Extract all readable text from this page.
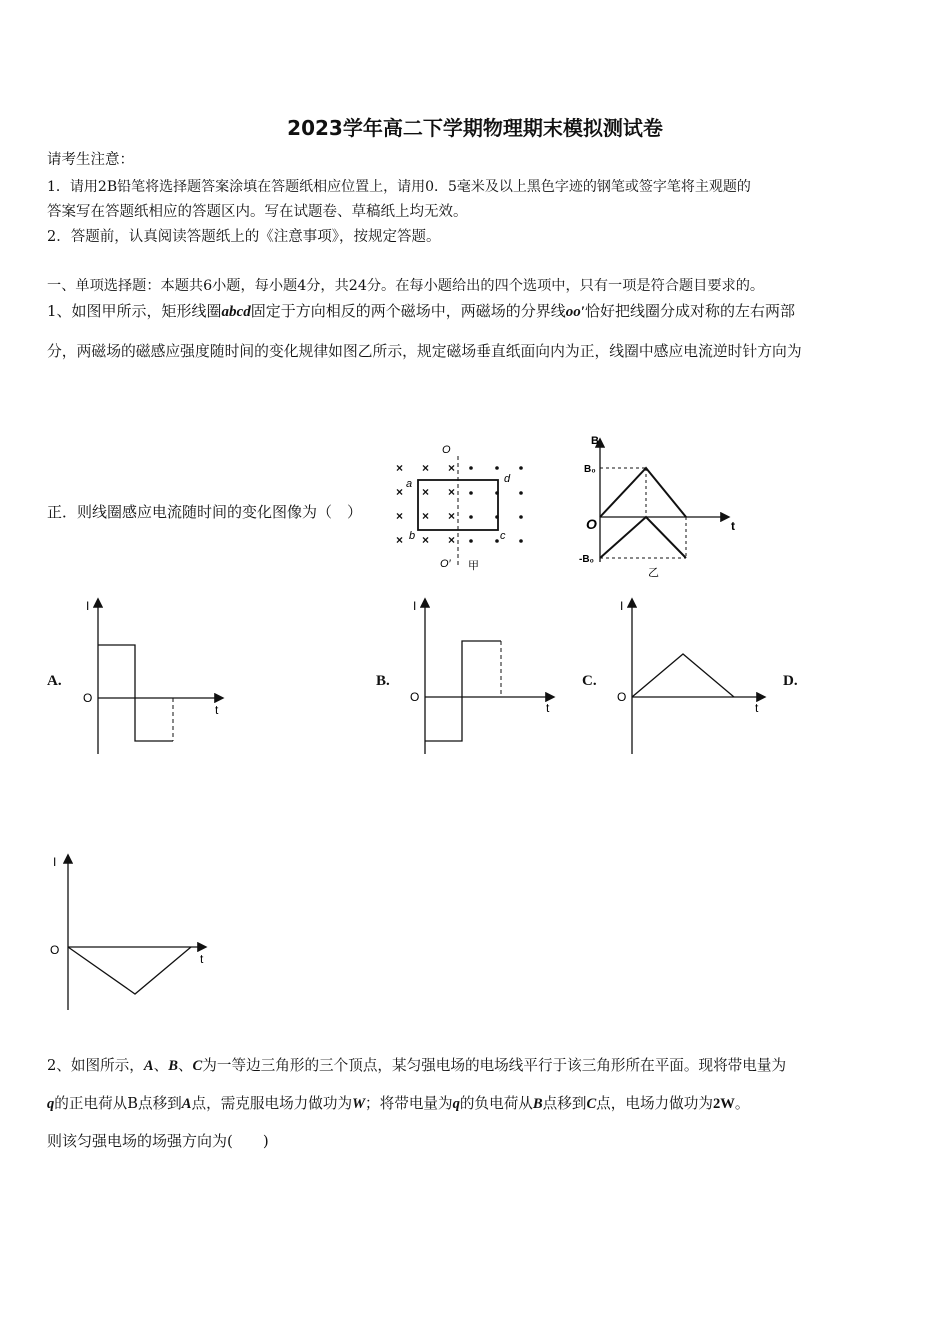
2023学年高二下学期物理期末模拟测试卷
请考生注意：
1．请用2B铅笔将选择题答案涂填在答题纸相应位置上，请用0．5毫米及以上黑色字迹的钢笔或签字笔将主观题的
答案写在答题纸相应的答题区内。写在试题卷、草稿纸上均无效。
2．答题前，认真阅读答题纸上的《注意事项》，按规定答题。
一、单项选择题：本题共6小题，每小题4分，共24分。在每小题给出的四个选项中，只有一项是符合题目要求的。
1、如图甲所示，矩形线圈abcd固定于方向相反的两个磁场中，两磁场的分界线oo′恰好把线圈分成对称的左右两部
分，两磁场的磁感应强度随时间的变化规律如图乙所示，规定磁场垂直纸面向内为正，线圈中感应电流逆时针方向为
正．则线圈感应电流随时间的变化图像为（　）
× × ×
× × ×
× × ×
× × ×
O
O′
a
b	c
d
甲
B
B₀
-B₀
O	t
乙
A.
I
O
t
B.
I
O
t
C.
I
O
t
D.
I
O
t
2、如图所示，A、B、C为一等边三角形的三个顶点，某匀强电场的电场线平行于该三角形所在平面。现将带电量为
q的正电荷从B点移到A点，需克服电场力做功为W；将带电量为q的负电荷从B点移到C点，电场力做功为2W。
则该匀强电场的场强方向为(　　)
